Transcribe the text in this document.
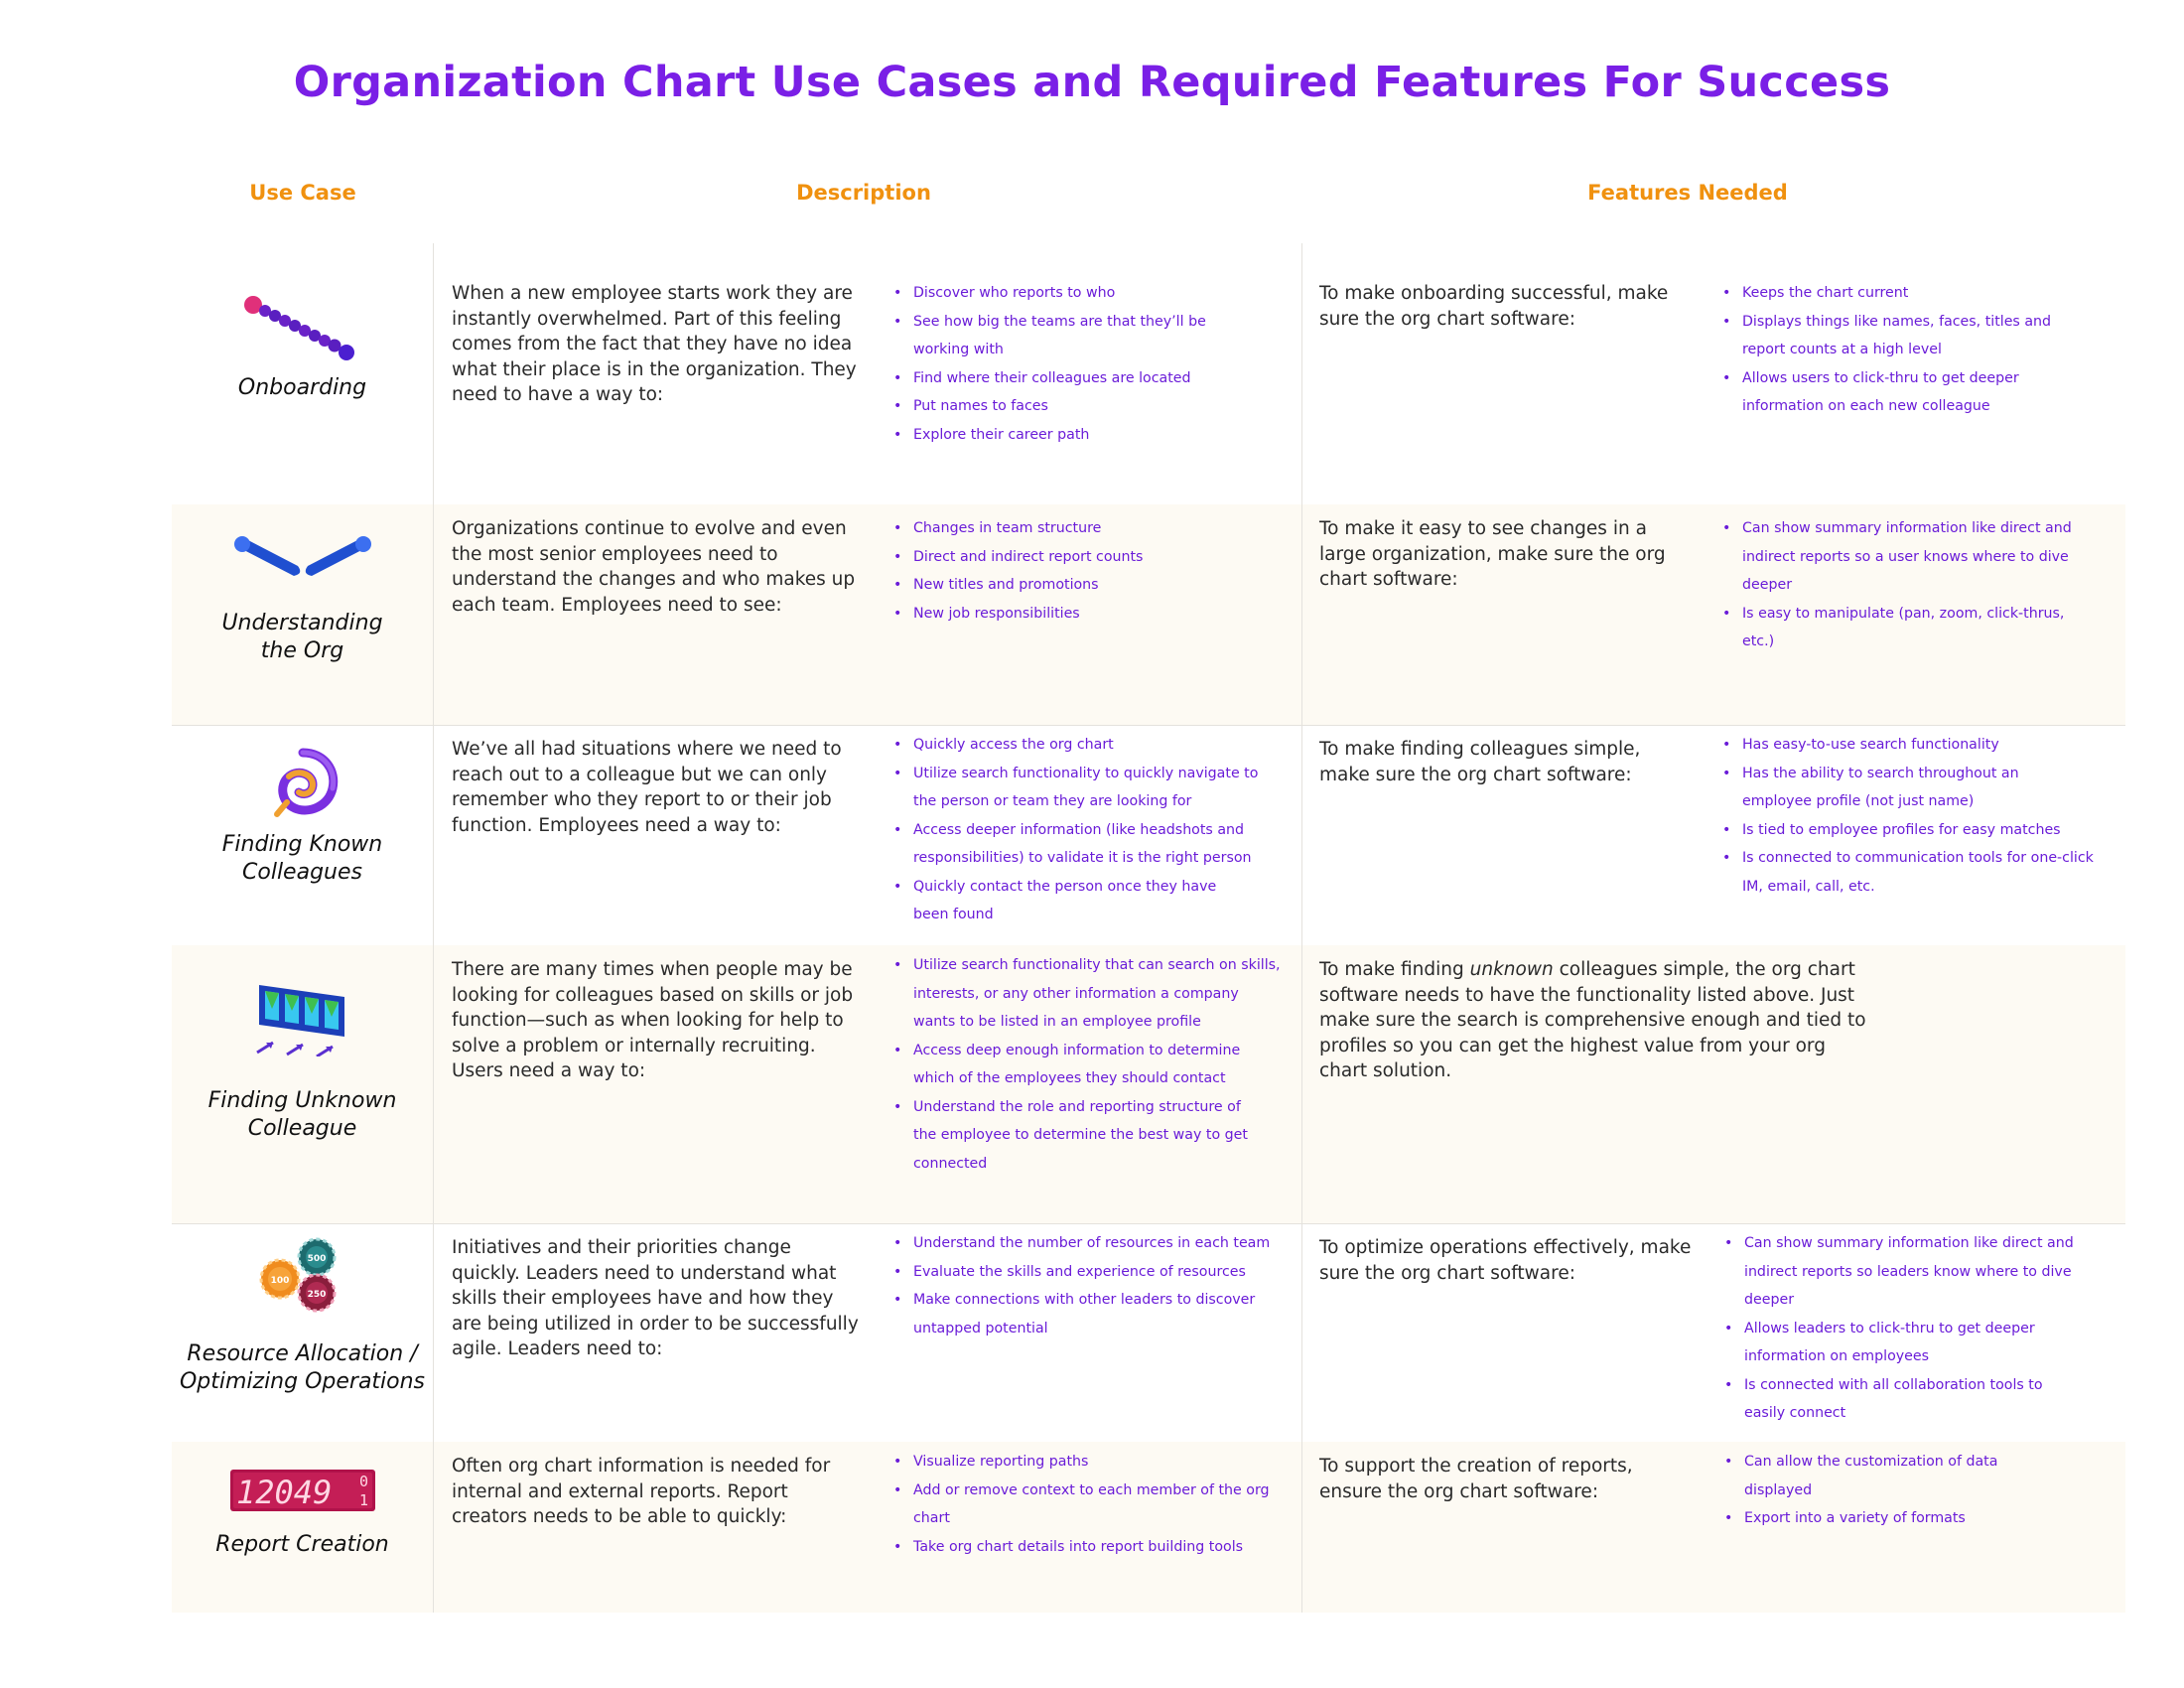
Organization Chart Use Cases and Required Features For Success
Use Case	Description	Features Needed
Onboarding
When a new employee starts work they are instantly overwhelmed. Part of this feeling comes from the fact that they have no idea what their place is in the organization. They need to have a way to:
• Discover who reports to who
• See how big the teams are that they’ll be working with
• Find where their colleagues are located
• Put names to faces
• Explore their career path
To make onboarding successful, make sure the org chart software:
• Keeps the chart current
• Displays things like names, faces, titles and report counts at a high level
• Allows users to click-thru to get deeper information on each new colleague
Understanding
the Org
Organizations continue to evolve and even the most senior employees need to understand the changes and who makes up each team. Employees need to see:
• Changes in team structure
• Direct and indirect report counts
• New titles and promotions
• New job responsibilities
To make it easy to see changes in a large organization, make sure the org chart software:
• Can show summary information like direct and indirect reports so a user knows where to dive deeper
• Is easy to manipulate (pan, zoom, click-thrus, etc.)
Finding Known
Colleagues
We’ve all had situations where we need to reach out to a colleague but we can only remember who they report to or their job function. Employees need a way to:
• Quickly access the org chart
• Utilize search functionality to quickly navigate to the person or team they are looking for
• Access deeper information (like headshots and responsibilities) to validate it is the right person
• Quickly contact the person once they have been found
To make finding colleagues simple, make sure the org chart software:
• Has easy-to-use search functionality
• Has the ability to search throughout an employee profile (not just name)
• Is tied to employee profiles for easy matches
• Is connected to communication tools for one-click IM, email, call, etc.
Finding Unknown
Colleague
There are many times when people may be looking for colleagues based on skills or job function—such as when looking for help to solve a problem or internally recruiting. Users need a way to:
• Utilize search functionality that can search on skills, interests, or any other information a company wants to be listed in an employee profile
• Access deep enough information to determine which of the employees they should contact
• Understand the role and reporting structure of the employee to determine the best way to get connected
To make finding unknown colleagues simple, the org chart software needs to have the functionality listed above. Just make sure the search is comprehensive enough and tied to profiles so you can get the highest value from your org chart solution.
500
250
100
Resource Allocation /
Optimizing Operations
Initiatives and their priorities change quickly. Leaders need to understand what skills their employees have and how they are being utilized in order to be successfully agile. Leaders need to:
• Understand the number of resources in each team
• Evaluate the skills and experience of resources
• Make connections with other leaders to discover untapped potential
To optimize operations effectively, make sure the org chart software:
• Can show summary information like direct and indirect reports so leaders know where to dive deeper
• Allows leaders to click-thru to get deeper information on employees
• Is connected with all collaboration tools to easily connect
12049 0
1
Report Creation
Often org chart information is needed for internal and external reports. Report creators needs to be able to quickly:
• Visualize reporting paths
• Add or remove context to each member of the org chart
• Take org chart details into report building tools
To support the creation of reports, ensure the org chart software:
• Can allow the customization of data displayed
• Export into a variety of formats
